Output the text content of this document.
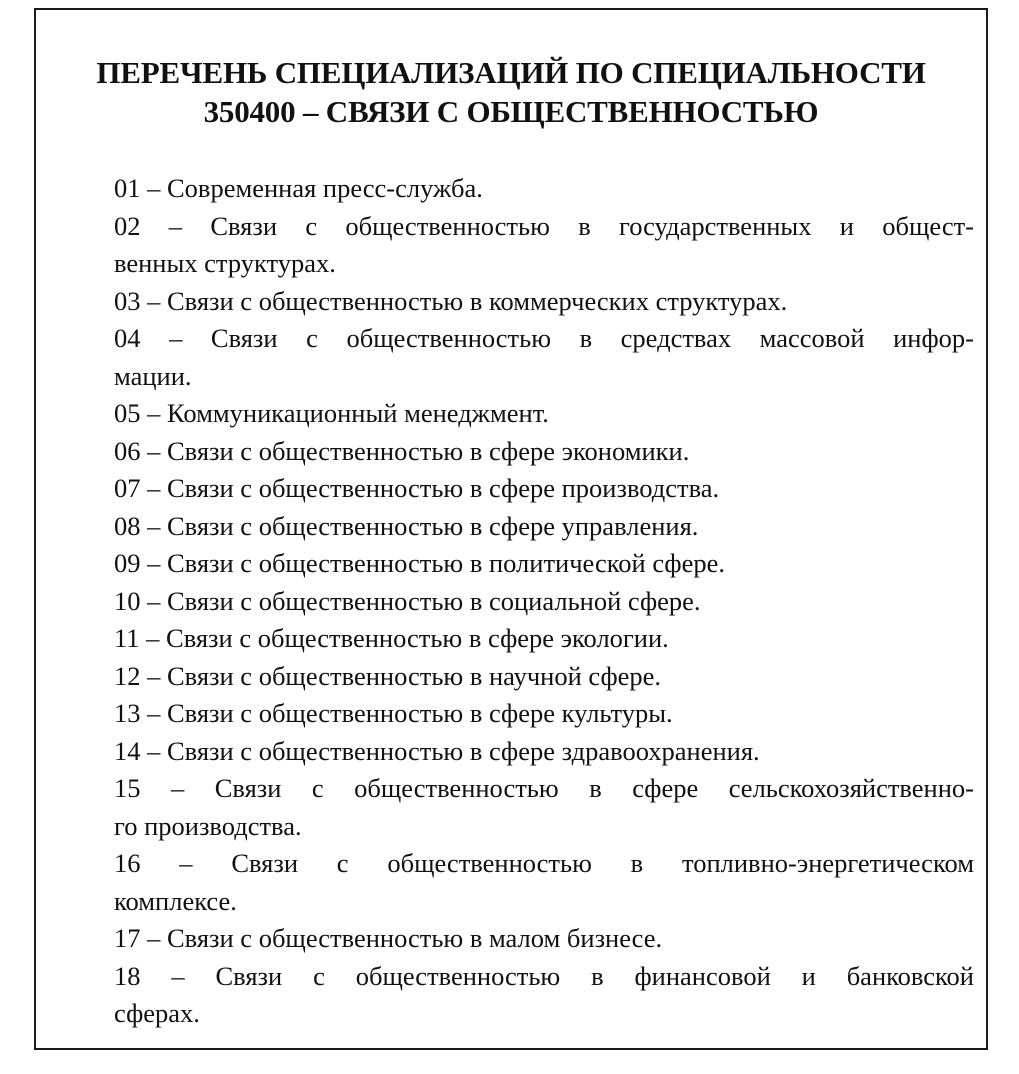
ПЕРЕЧЕНЬ СПЕЦИАЛИЗАЦИЙ ПО СПЕЦИАЛЬНОСТИ
350400 – СВЯЗИ С ОБЩЕСТВЕННОСТЬЮ
01 – Современная пресс-служба.
02 – Связи с общественностью в государственных и общест-
венных структурах.
03 – Связи с общественностью в коммерческих структурах.
04 – Связи с общественностью в средствах массовой инфор-
мации.
05 – Коммуникационный менеджмент.
06 – Связи с общественностью в сфере экономики.
07 – Связи с общественностью в сфере производства.
08 – Связи с общественностью в сфере управления.
09 – Связи с общественностью в политической сфере.
10 – Связи с общественностью в социальной сфере.
11 – Связи с общественностью в сфере экологии.
12 – Связи с общественностью в научной сфере.
13 – Связи с общественностью в сфере культуры.
14 – Связи с общественностью в сфере здравоохранения.
15 – Связи с общественностью в сфере сельскохозяйственно-
го производства.
16 – Связи с общественностью в топливно-энергетическом
комплексе.
17 – Связи с общественностью в малом бизнесе.
18 – Связи с общественностью в финансовой и банковской
сферах.
